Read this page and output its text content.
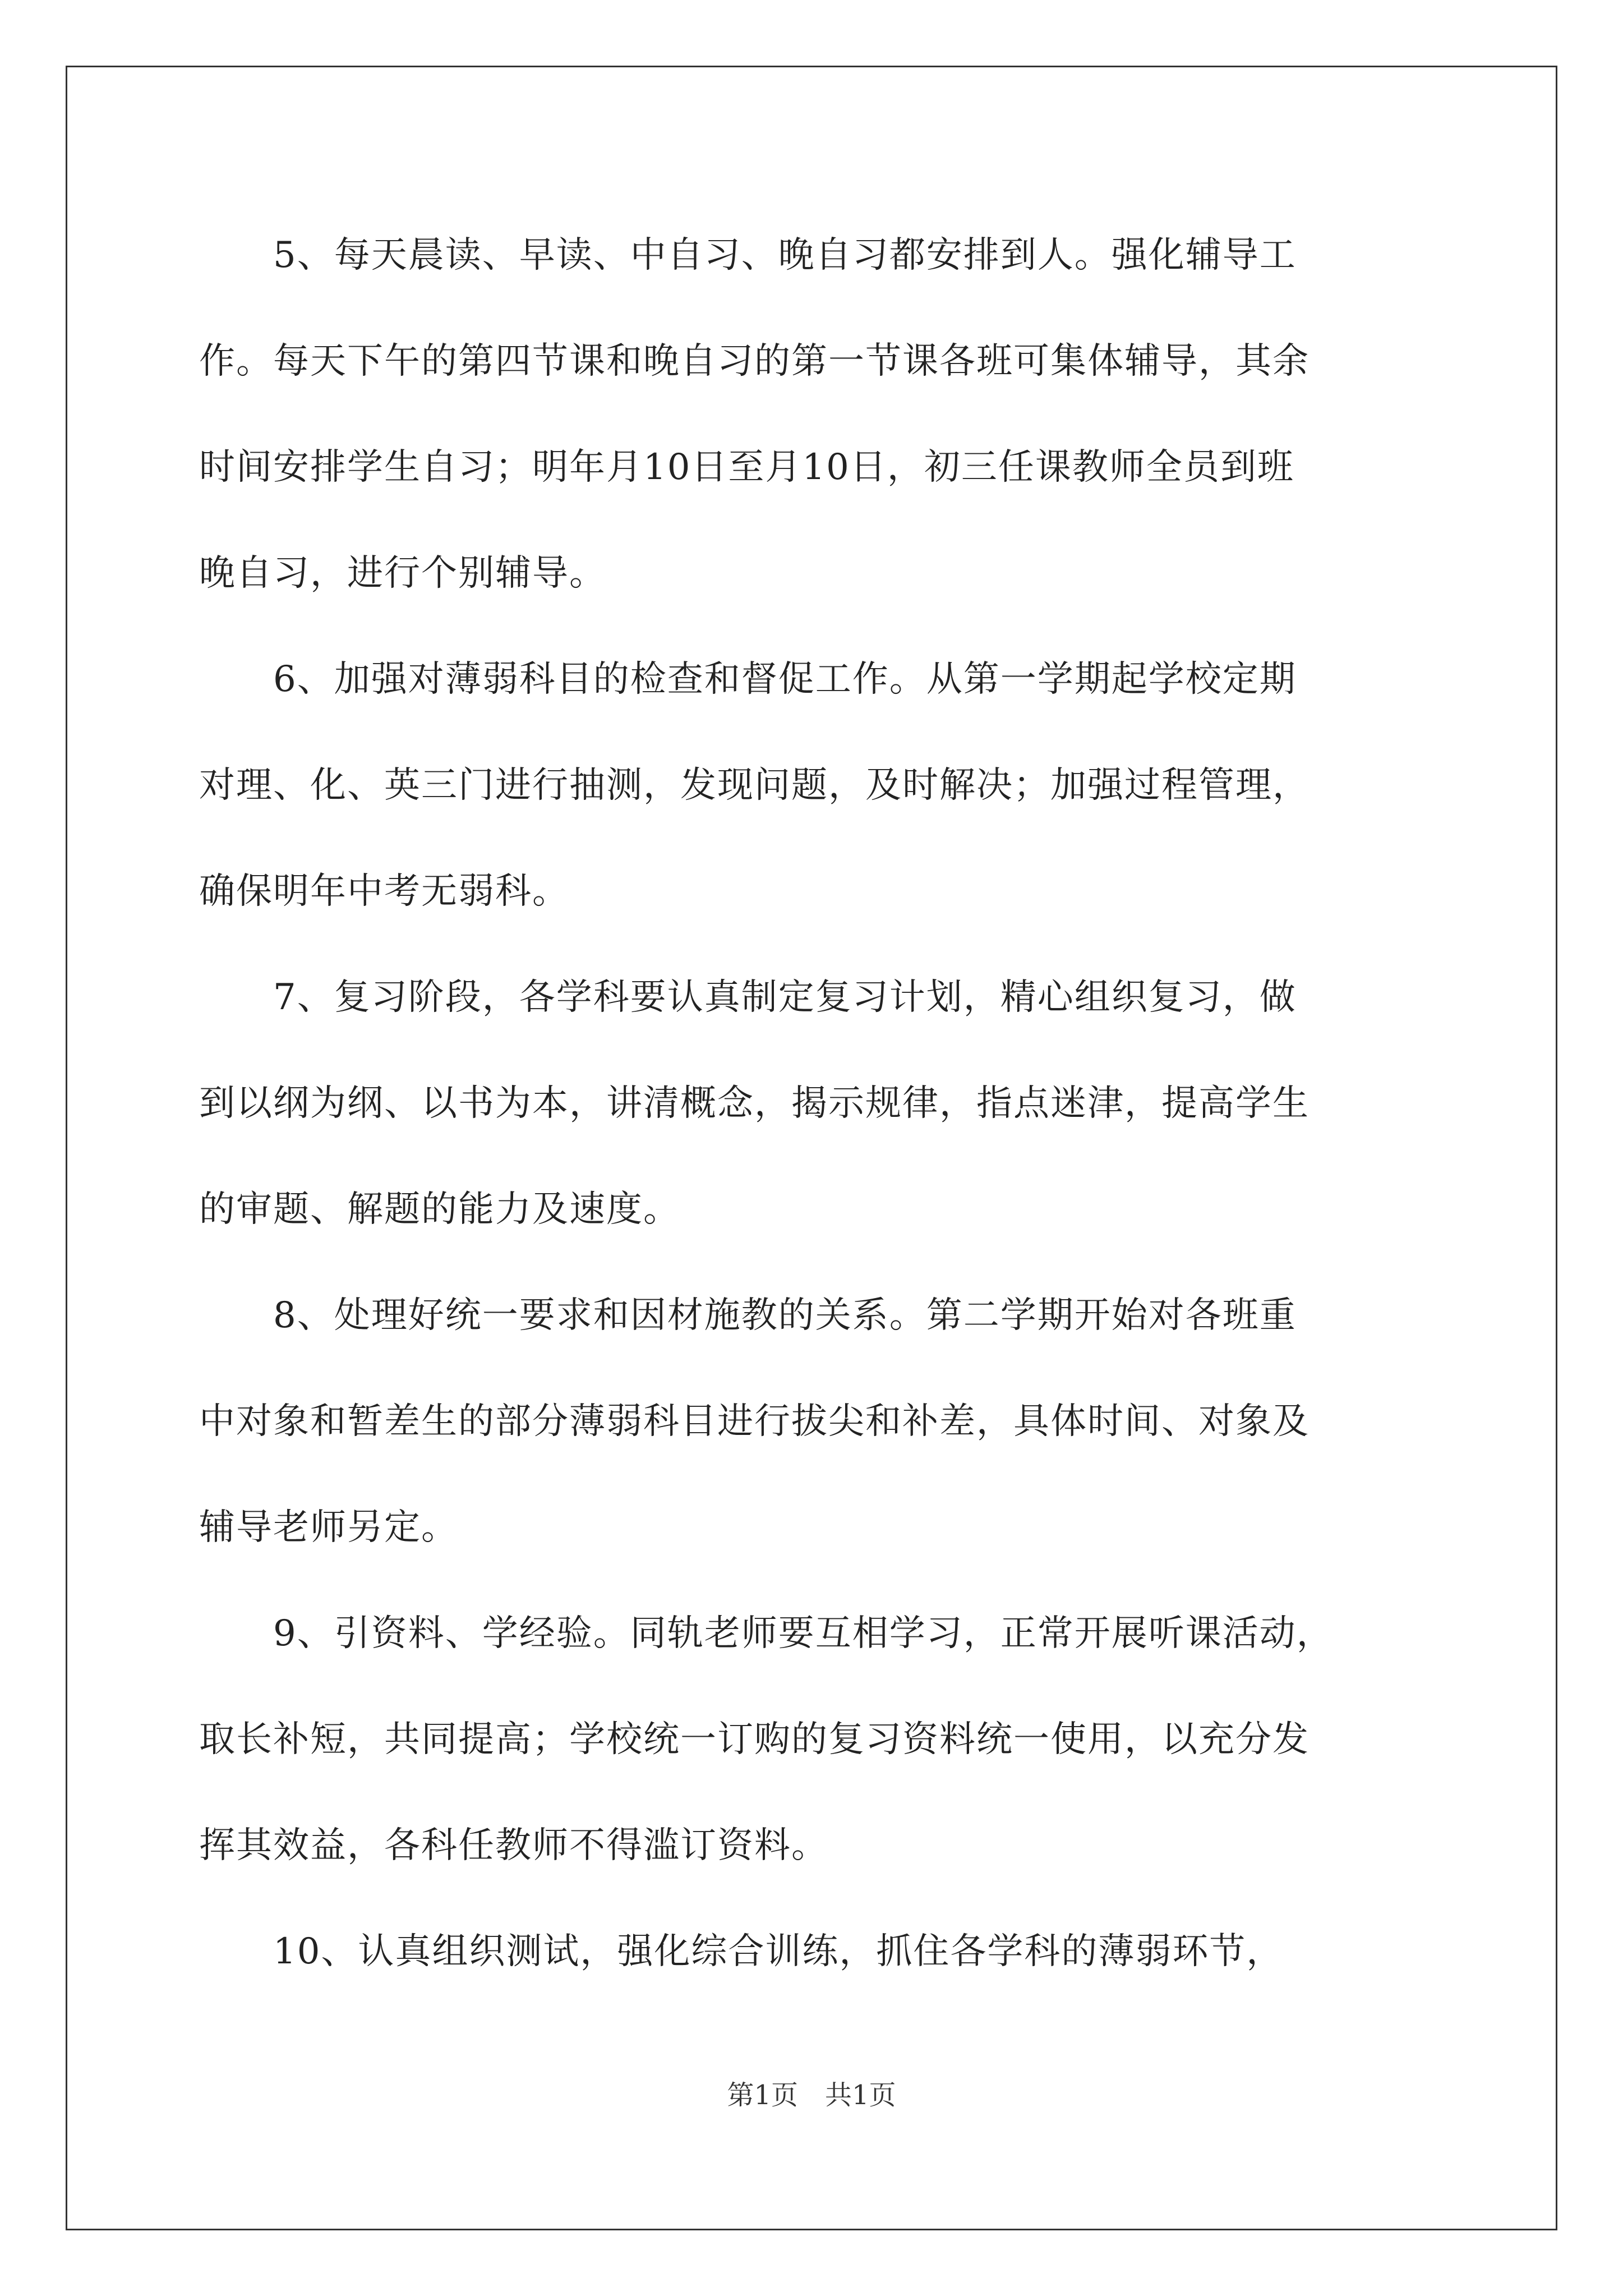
　　5、每天晨读、早读、中自习、晚自习都安排到人。强化辅导工
作。每天下午的第四节课和晚自习的第一节课各班可集体辅导，其余
时间安排学生自习；明年月10日至月10日，初三任课教师全员到班
晚自习，进行个别辅导。
　　6、加强对薄弱科目的检查和督促工作。从第一学期起学校定期
对理、化、英三门进行抽测，发现问题，及时解决；加强过程管理，
确保明年中考无弱科。
　　7、复习阶段，各学科要认真制定复习计划，精心组织复习，做
到以纲为纲、以书为本，讲清概念，揭示规律，指点迷津，提高学生
的审题、解题的能力及速度。
　　8、处理好统一要求和因材施教的关系。第二学期开始对各班重
中对象和暂差生的部分薄弱科目进行拔尖和补差，具体时间、对象及
辅导老师另定。
　　9、引资料、学经验。同轨老师要互相学习，正常开展听课活动，
取长补短，共同提高；学校统一订购的复习资料统一使用，以充分发
挥其效益，各科任教师不得滥订资料。
　　10、认真组织测试，强化综合训练，抓住各学科的薄弱环节，
第1页　共1页
